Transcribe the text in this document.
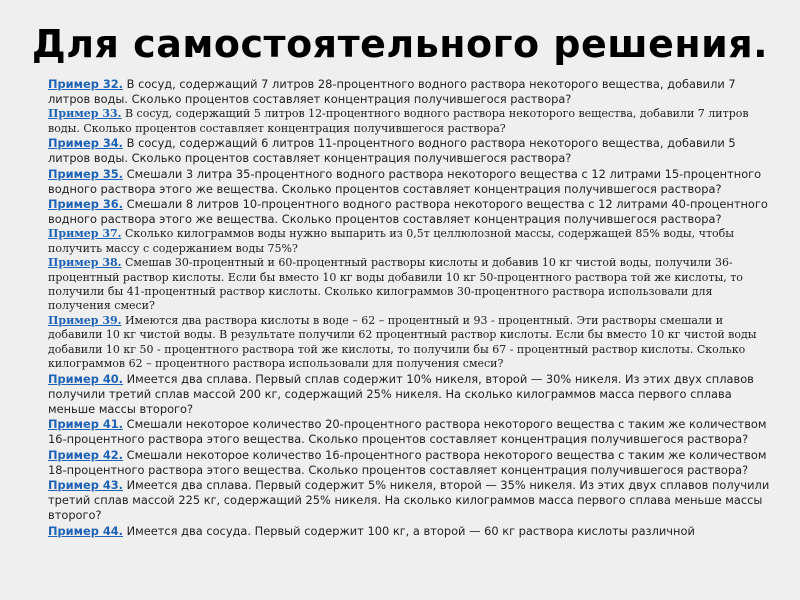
Для самостоятельного решения.

Пример 32. В сосуд, содержащий 7 литров 28-процентного водного раствора некоторого вещества, добавили 7 литров воды. Сколько процентов составляет концентрация получившегося раствора?

Пример 33. В сосуд, содержащий 5 литров 12-процентного водного раствора некоторого вещества, добавили 7 литров воды. Сколько процентов составляет концентрация получившегося раствора?

Пример 34. В сосуд, содержащий 6 литров 11-процентного водного раствора некоторого вещества, добавили 5 литров воды. Сколько процентов составляет концентрация получившегося раствора?

Пример 35. Смешали 3 литра 35-процентного водного раствора некоторого вещества с 12 литрами 15-процентного водного раствора этого же вещества. Сколько процентов составляет концентрация получившегося раствора?

Пример 36. Смешали 8 литров 10-процентного водного раствора некоторого вещества с 12 литрами 40-процентного водного раствора этого же вещества. Сколько процентов составляет концентрация получившегося раствора?

Пример 37. Сколько килограммов воды нужно выпарить из 0,5т целлюлозной массы, содержащей 85% воды, чтобы получить массу с содержанием воды 75%?

Пример 38. Смешав 30-процентный и 60-процентный растворы кислоты и добавив 10 кг чистой воды, получили 36-процентный раствор кислоты. Если бы вместо 10 кг воды добавили 10 кг 50-процентного раствора той же кислоты, то получили бы 41-процентный раствор кислоты. Сколько килограммов 30-процентного раствора использовали для получения смеси?

Пример 39. Имеются два раствора кислоты в воде – 62 – процентный и 93 - процентный. Эти растворы смешали и добавили 10 кг чистой воды. В результате получили 62 процентный раствор кислоты. Если бы вместо 10 кг чистой воды добавили 10 кг 50 - процентного раствора той же кислоты, то получили бы 67 - процентный раствор кислоты. Сколько килограммов 62 – процентного раствора использовали для получения смеси?

Пример 40. Имеется два сплава. Первый сплав содержит 10% никеля, второй — 30% никеля. Из этих двух сплавов получили третий сплав массой 200 кг, содержащий 25% никеля. На сколько килограммов масса первого сплава меньше массы второго?

Пример 41. Смешали некоторое количество 20-процентного раствора некоторого вещества с таким же количеством 16-процентного раствора этого вещества. Сколько процентов составляет концентрация получившегося раствора?

Пример 42. Смешали некоторое количество 16-процентного раствора некоторого вещества с таким же количеством 18-процентного раствора этого вещества. Сколько процентов составляет концентрация получившегося раствора?

Пример 43. Имеется два сплава. Первый содержит 5% никеля, второй — 35% никеля. Из этих двух сплавов получили третий сплав массой 225 кг, содержащий 25% никеля. На сколько килограммов масса первого сплава меньше массы второго?

Пример 44. Имеется два сосуда. Первый содержит 100 кг, а второй — 60 кг раствора кислоты различной
